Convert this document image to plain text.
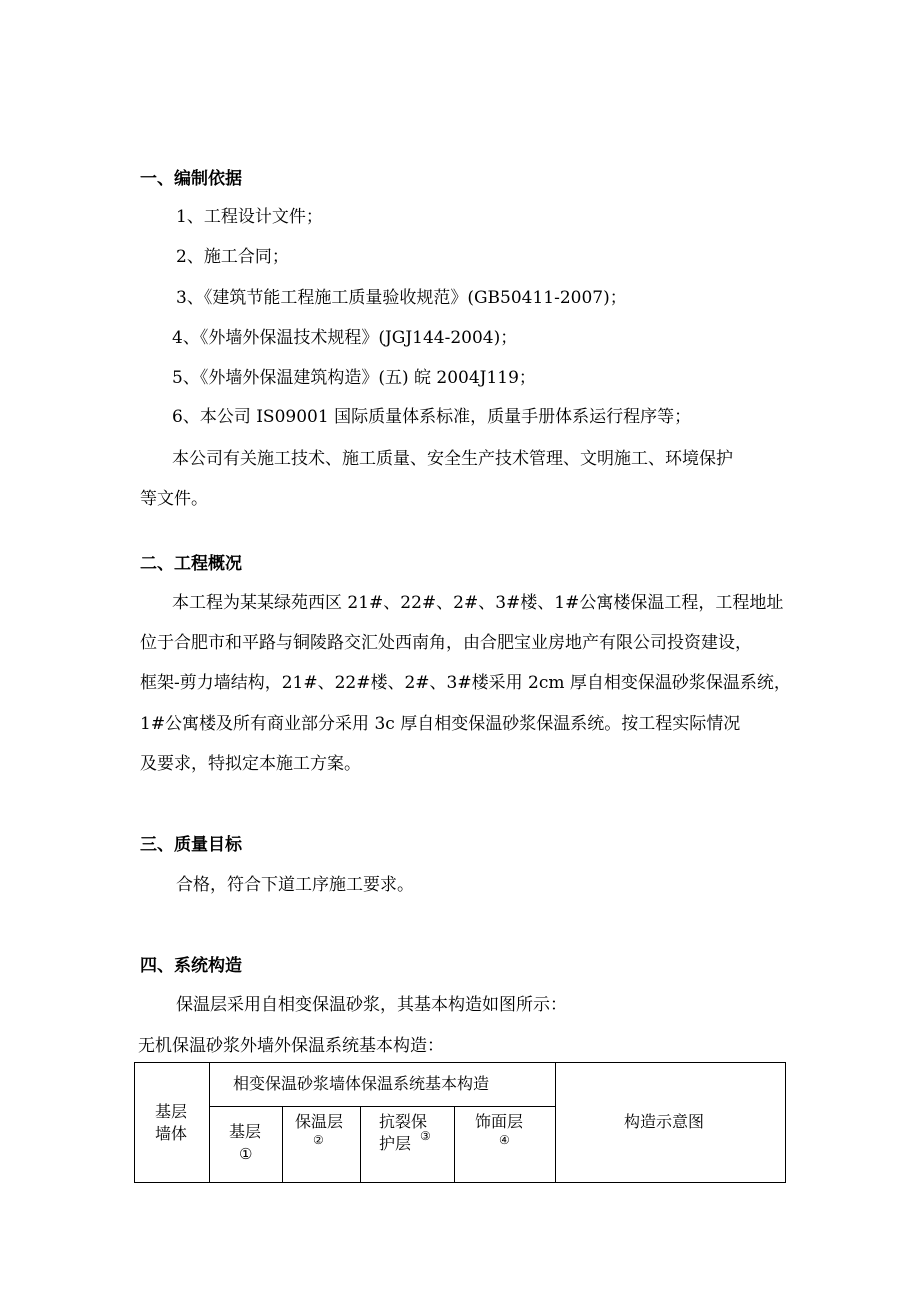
一、编制依据
1、工程设计文件；
2、施工合同；
3、《建筑节能工程施工质量验收规范》(GB50411-2007)；
4、《外墙外保温技术规程》(JGJ144-2004)；
5、《外墙外保温建筑构造》(五) 皖 2004J119；
6、本公司 IS09001 国际质量体系标准，质量手册体系运行程序等；
本公司有关施工技术、施工质量、安全生产技术管理、文明施工、环境保护
等文件。
二、工程概况
本工程为某某绿苑西区 21#、22#、2#、3#楼、1#公寓楼保温工程，工程地址
位于合肥市和平路与铜陵路交汇处西南角，由合肥宝业房地产有限公司投资建设，
框架-剪力墙结构，21#、22#楼、2#、3#楼采用 2cm 厚自相变保温砂浆保温系统，
1#公寓楼及所有商业部分采用 3c 厚自相变保温砂浆保温系统。按工程实际情况
及要求，特拟定本施工方案。
三、质量目标
合格，符合下道工序施工要求。
四、系统构造
保温层采用自相变保温砂浆，其基本构造如图所示：
无机保温砂浆外墙外保温系统基本构造：
基层
墙体
相变保温砂浆墙体保温系统基本构造
基层
①
保温层
②
抗裂保
③
护层
饰面层
④
构造示意图
